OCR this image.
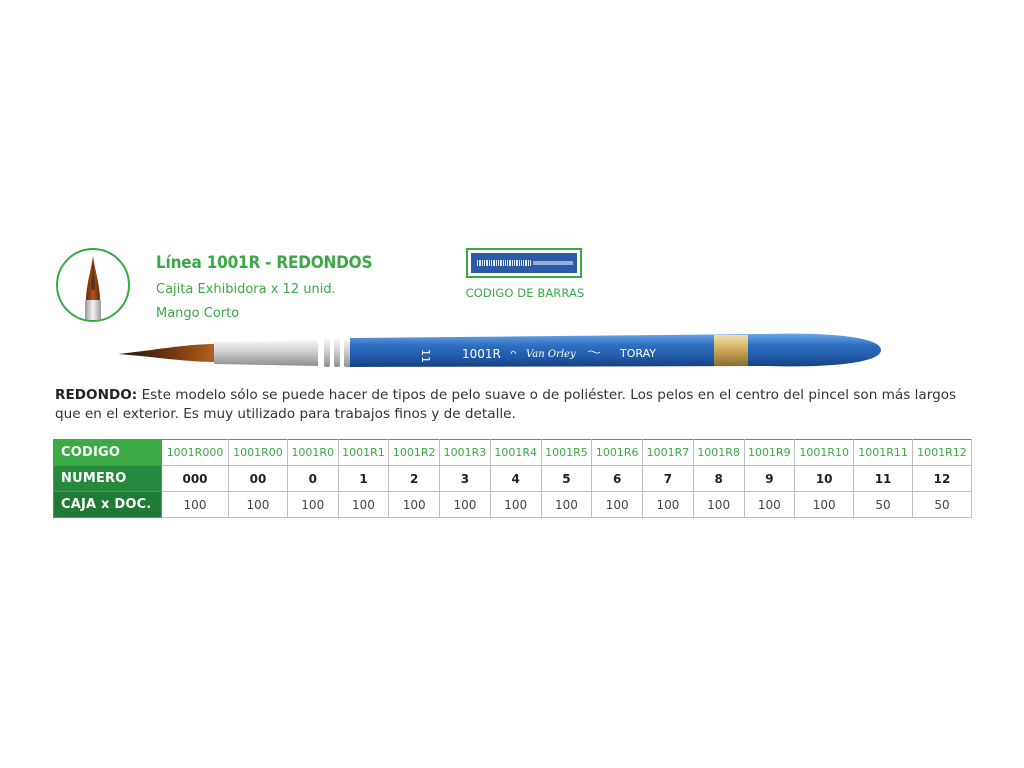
Línea 1001R - REDONDOS
Cajita Exhibidora x 12 unid.
Mango Corto
CODIGO DE BARRAS
11	1001R	Van Orley	TORAY
REDONDO: Este modelo sólo se puede hacer de tipos de pelo suave o de poliéster. Los pelos en el centro del pincel son más largos que en el exterior. Es muy utilizado para trabajos finos y de detalle.
CODIGO	1001R000	1001R00	1001R0	1001R1	1001R2	1001R3	1001R4	1001R5	1001R6	1001R7	1001R8	1001R9	1001R10	1001R11	1001R12
NUMERO	000	00	0	1	2	3	4	5	6	7	8	9	10	11	12
CAJA x DOC.	100	100	100	100	100	100	100	100	100	100	100	100	100	50	50
